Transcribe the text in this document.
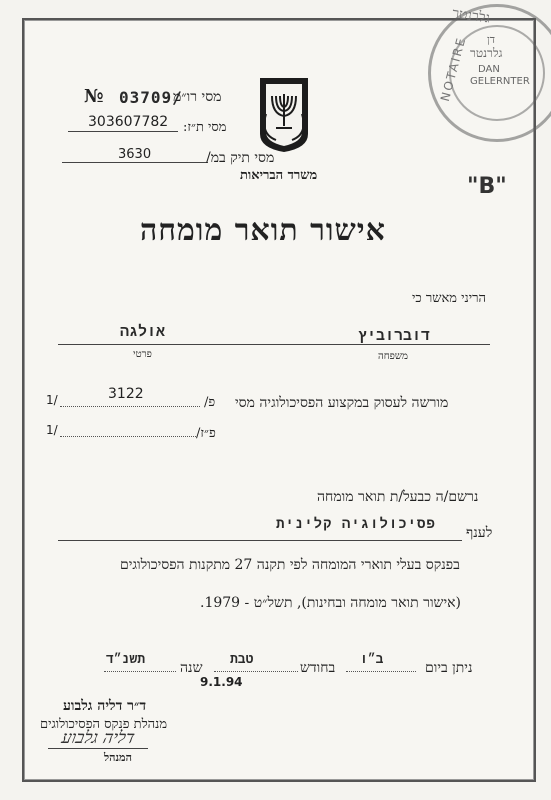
גלרנטר
NOTAIRE דן
גלרנטר
DAN
GELERNTER
№ 03709/
מסי רו״מ
303607782 מסי ת״ז:
3630	מסי תיק במ/
משרד הבריאות	"B"
אישור תואר מומחה
הריני מאשר כי
דוברוביץ
אולגה
משפחה
פרטי
מורשה לעסוק במקצוע הפסיכולוגיה מסי
פ/
3122
1/
פ״ז/
1/
נרשם/ה כבעל/ת תואר מומחה
לענף
פסיכולוגיה קלינית
בפנקס בעלי תוארי המומחה לפי תקנה 27 מתקנות הפסיכולוגים
(אישור תואר מומחה ובחינות), תשל״ט - 1979.
ניתן ביום
ב״ו
בחודש
טבת
שנה
תשנ״ד
9.1.94
ד״ר דליה גלבוע
מנהלת פנקס הפסיכולוגים
דליה גלבוע
המנהל
